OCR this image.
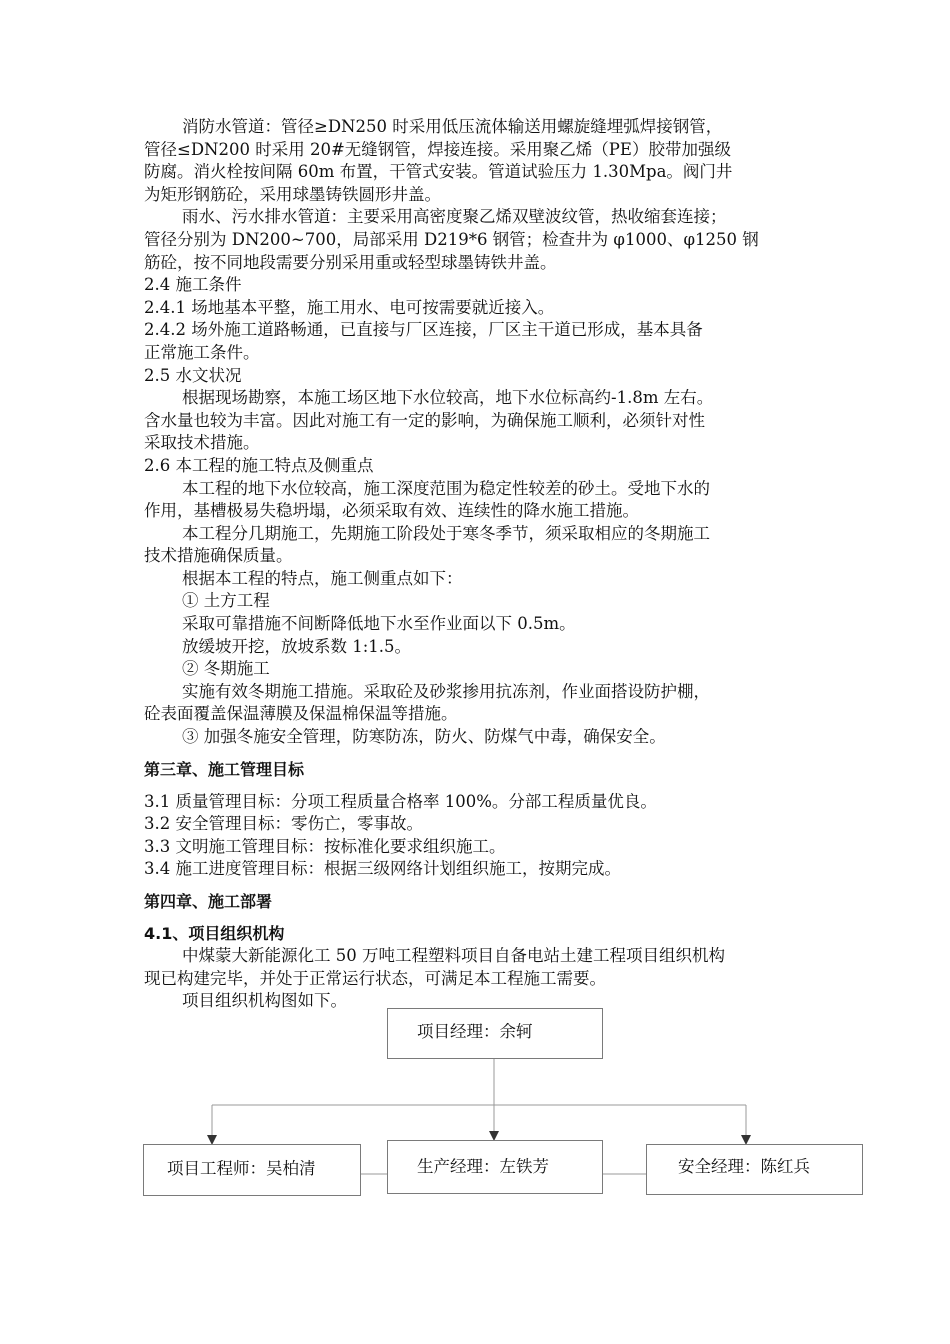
消防水管道：管径≥DN250 时采用低压流体输送用螺旋缝埋弧焊接钢管，
管径≤DN200 时采用 20#无缝钢管，焊接连接。采用聚乙烯（PE）胶带加强级
防腐。消火栓按间隔 60m 布置，干管式安装。管道试验压力 1.30Mpa。阀门井
为矩形钢筋砼，采用球墨铸铁圆形井盖。
雨水、污水排水管道：主要采用高密度聚乙烯双壁波纹管，热收缩套连接；
管径分别为 DN200~700，局部采用 D219*6 钢管；检查井为 φ1000、φ1250 钢
筋砼，按不同地段需要分别采用重或轻型球墨铸铁井盖。
2.4 施工条件
2.4.1 场地基本平整，施工用水、电可按需要就近接入。
2.4.2 场外施工道路畅通，已直接与厂区连接，厂区主干道已形成，基本具备
正常施工条件。
2.5 水文状况
根据现场勘察，本施工场区地下水位较高，地下水位标高约-1.8m 左右。
含水量也较为丰富。因此对施工有一定的影响，为确保施工顺利，必须针对性
采取技术措施。
2.6 本工程的施工特点及侧重点
本工程的地下水位较高，施工深度范围为稳定性较差的砂土。受地下水的
作用，基槽极易失稳坍塌，必须采取有效、连续性的降水施工措施。
本工程分几期施工，先期施工阶段处于寒冬季节，须采取相应的冬期施工
技术措施确保质量。
根据本工程的特点，施工侧重点如下：
① 土方工程
采取可靠措施不间断降低地下水至作业面以下 0.5m。
放缓坡开挖，放坡系数 1:1.5。
② 冬期施工
实施有效冬期施工措施。采取砼及砂浆掺用抗冻剂，作业面搭设防护棚，
砼表面覆盖保温薄膜及保温棉保温等措施。
③ 加强冬施安全管理，防寒防冻，防火、防煤气中毒，确保安全。
第三章、施工管理目标
3.1 质量管理目标：分项工程质量合格率 100%。分部工程质量优良。
3.2 安全管理目标：零伤亡，零事故。
3.3 文明施工管理目标：按标准化要求组织施工。
3.4 施工进度管理目标：根据三级网络计划组织施工，按期完成。
第四章、施工部署
4.1、项目组织机构
中煤蒙大新能源化工 50 万吨工程塑料项目自备电站土建工程项目组织机构
现已构建完毕，并处于正常运行状态，可满足本工程施工需要。
项目组织机构图如下。
项目经理：余轲
项目工程师：吴柏清	生产经理：左铁芳	安全经理：陈红兵
